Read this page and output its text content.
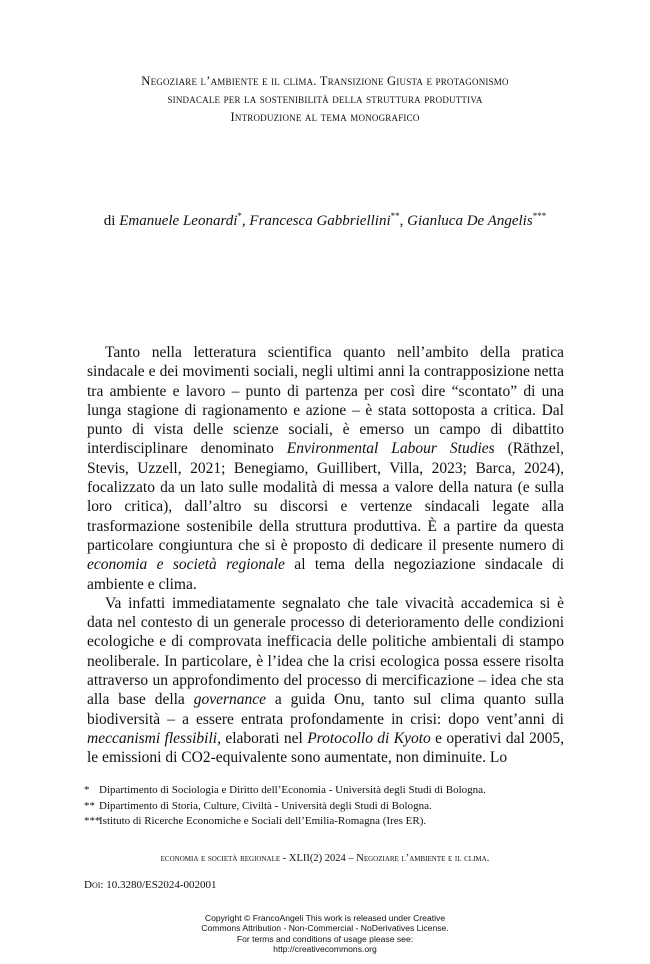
Negoziare l’ambiente e il clima. Transizione Giusta e protagonismo
sindacale per la sostenibilità della struttura produttiva
Introduzione al tema monografico
di Emanuele Leonardi*, Francesca Gabbriellini**, Gianluca De Angelis***

Tanto nella letteratura scientifica quanto nell’ambito della pratica sindacale e dei movimenti sociali, negli ultimi anni la contrapposizione netta tra ambiente e lavoro – punto di partenza per così dire “scontato” di una lunga stagione di ragionamento e azione – è stata sottoposta a critica. Dal punto di vista delle scienze sociali, è emerso un campo di dibattito interdisciplinare denominato Environmental Labour Studies (Räthzel, Stevis, Uzzell, 2021; Benegiamo, Guillibert, Villa, 2023; Barca, 2024), focalizzato da un lato sulle modalità di messa a valore della natura (e sulla loro critica), dall’altro su discorsi e vertenze sindacali legate alla trasformazione sostenibile della struttura produttiva. È a partire da questa particolare congiuntura che si è proposto di dedicare il presente numero di economia e società regionale al tema della negoziazione sindacale di ambiente e clima.

Va infatti immediatamente segnalato che tale vivacità accademica si è data nel contesto di un generale processo di deterioramento delle condizioni ecologiche e di comprovata inefficacia delle politiche ambientali di stampo neoliberale. In particolare, è l’idea che la crisi ecologica possa essere risolta attraverso un approfondimento del processo di mercificazione – idea che sta alla base della governance a guida Onu, tanto sul clima quanto sulla biodiversità – a essere entrata profondamente in crisi: dopo vent’anni di meccanismi flessibili, elaborati nel Protocollo di Kyoto e operativi dal 2005, le emissioni di CO2-equivalente sono aumentate, non diminuite. Lo

* Dipartimento di Sociologia e Diritto dell’Economia - Università degli Studi di Bologna.
** Dipartimento di Storia, Culture, Civiltà - Università degli Studi di Bologna.
***Istituto di Ricerche Economiche e Sociali dell’Emilia-Romagna (Ires ER).
economia e società regionale - XLII(2) 2024 – Negoziare l’ambiente e il clima.
Doi: 10.3280/ES2024-002001
Copyright © FrancoAngeli This work is released under Creative
Commons Attribution - Non-Commercial - NoDerivatives License.
For terms and conditions of usage please see:
http://creativecommons.org
